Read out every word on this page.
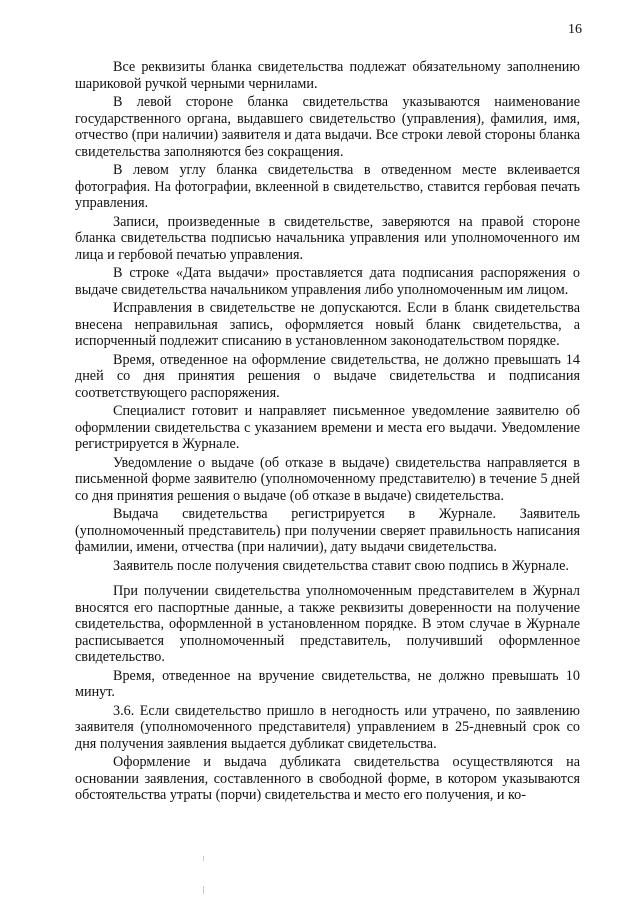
16

Все реквизиты бланка свидетельства подлежат обязательному заполнению шариковой ручкой черными чернилами.

В левой стороне бланка свидетельства указываются наименование государственного органа, выдавшего свидетельство (управления), фамилия, имя, отчество (при наличии) заявителя и дата выдачи. Все строки левой стороны бланка свидетельства заполняются без сокращения.

В левом углу бланка свидетельства в отведенном месте вклеивается фотография. На фотографии, вклеенной в свидетельство, ставится гербовая печать управления.

Записи, произведенные в свидетельстве, заверяются на правой стороне бланка свидетельства подписью начальника управления или уполномоченного им лица и гербовой печатью управления.

В строке «Дата выдачи» проставляется дата подписания распоряжения о выдаче свидетельства начальником управления либо уполномоченным им лицом.

Исправления в свидетельстве не допускаются. Если в бланк свидетельства внесена неправильная запись, оформляется новый бланк свидетельства, а испорченный подлежит списанию в установленном законодательством порядке.

Время, отведенное на оформление свидетельства, не должно превышать 14 дней со дня принятия решения о выдаче свидетельства и подписания соответствующего распоряжения.

Специалист готовит и направляет письменное уведомление заявителю об оформлении свидетельства с указанием времени и места его выдачи. Уведомление регистрируется в Журнале.

Уведомление о выдаче (об отказе в выдаче) свидетельства направляется в письменной форме заявителю (уполномоченному представителю) в течение 5 дней со дня принятия решения о выдаче (об отказе в выдаче) свидетельства.

Выдача свидетельства регистрируется в Журнале. Заявитель (уполномоченный представитель) при получении сверяет правильность написания фамилии, имени, отчества (при наличии), дату выдачи свидетельства.

Заявитель после получения свидетельства ставит свою подпись в Журнале.

При получении свидетельства уполномоченным представителем в Журнал вносятся его паспортные данные, а также реквизиты доверенности на получение свидетельства, оформленной в установленном порядке. В этом случае в Журнале расписывается уполномоченный представитель, получивший оформленное свидетельство.

Время, отведенное на вручение свидетельства, не должно превышать 10 минут.

3.6. Если свидетельство пришло в негодность или утрачено, по заявлению заявителя (уполномоченного представителя) управлением в 25-дневный срок со дня получения заявления выдается дубликат свидетельства.

Оформление и выдача дубликата свидетельства осуществляются на основании заявления, составленного в свободной форме, в котором указываются обстоятельства утраты (порчи) свидетельства и место его получения, и ко-
